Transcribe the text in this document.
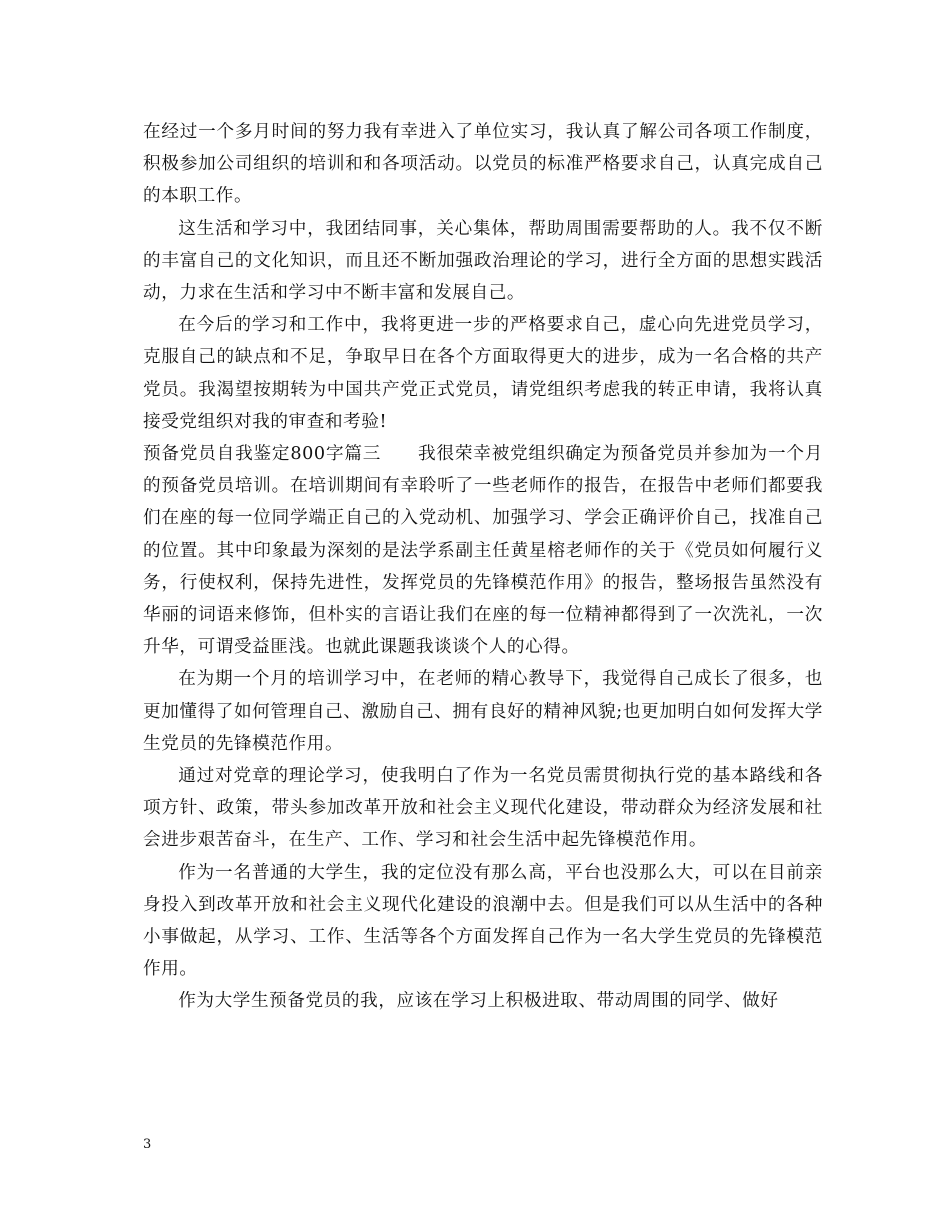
在经过一个多月时间的努力我有幸进入了单位实习，我认真了解公司各项工作制度，积极参加公司组织的培训和和各项活动。以党员的标准严格要求自己，认真完成自己的本职工作。

这生活和学习中，我团结同事，关心集体，帮助周围需要帮助的人。我不仅不断的丰富自己的文化知识，而且还不断加强政治理论的学习，进行全方面的思想实践活动，力求在生活和学习中不断丰富和发展自己。

在今后的学习和工作中，我将更进一步的严格要求自己，虚心向先进党员学习，克服自己的缺点和不足，争取早日在各个方面取得更大的进步，成为一名合格的共产党员。我渴望按期转为中国共产党正式党员，请党组织考虑我的转正申请，我将认真接受党组织对我的审查和考验!

预备党员自我鉴定800字篇三　　我很荣幸被党组织确定为预备党员并参加为一个月的预备党员培训。在培训期间有幸聆听了一些老师作的报告，在报告中老师们都要我们在座的每一位同学端正自己的入党动机、加强学习、学会正确评价自己，找准自己的位置。其中印象最为深刻的是法学系副主任黄星榕老师作的关于《党员如何履行义务，行使权利，保持先进性，发挥党员的先锋模范作用》的报告，整场报告虽然没有华丽的词语来修饰，但朴实的言语让我们在座的每一位精神都得到了一次洗礼，一次升华，可谓受益匪浅。也就此课题我谈谈个人的心得。

在为期一个月的培训学习中，在老师的精心教导下，我觉得自己成长了很多，也更加懂得了如何管理自己、激励自己、拥有良好的精神风貌;也更加明白如何发挥大学生党员的先锋模范作用。

通过对党章的理论学习，使我明白了作为一名党员需贯彻执行党的基本路线和各项方针、政策，带头参加改革开放和社会主义现代化建设，带动群众为经济发展和社会进步艰苦奋斗，在生产、工作、学习和社会生活中起先锋模范作用。

作为一名普通的大学生，我的定位没有那么高，平台也没那么大，可以在目前亲身投入到改革开放和社会主义现代化建设的浪潮中去。但是我们可以从生活中的各种小事做起，从学习、工作、生活等各个方面发挥自己作为一名大学生党员的先锋模范作用。

作为大学生预备党员的我，应该在学习上积极进取、带动周围的同学、做好

3
